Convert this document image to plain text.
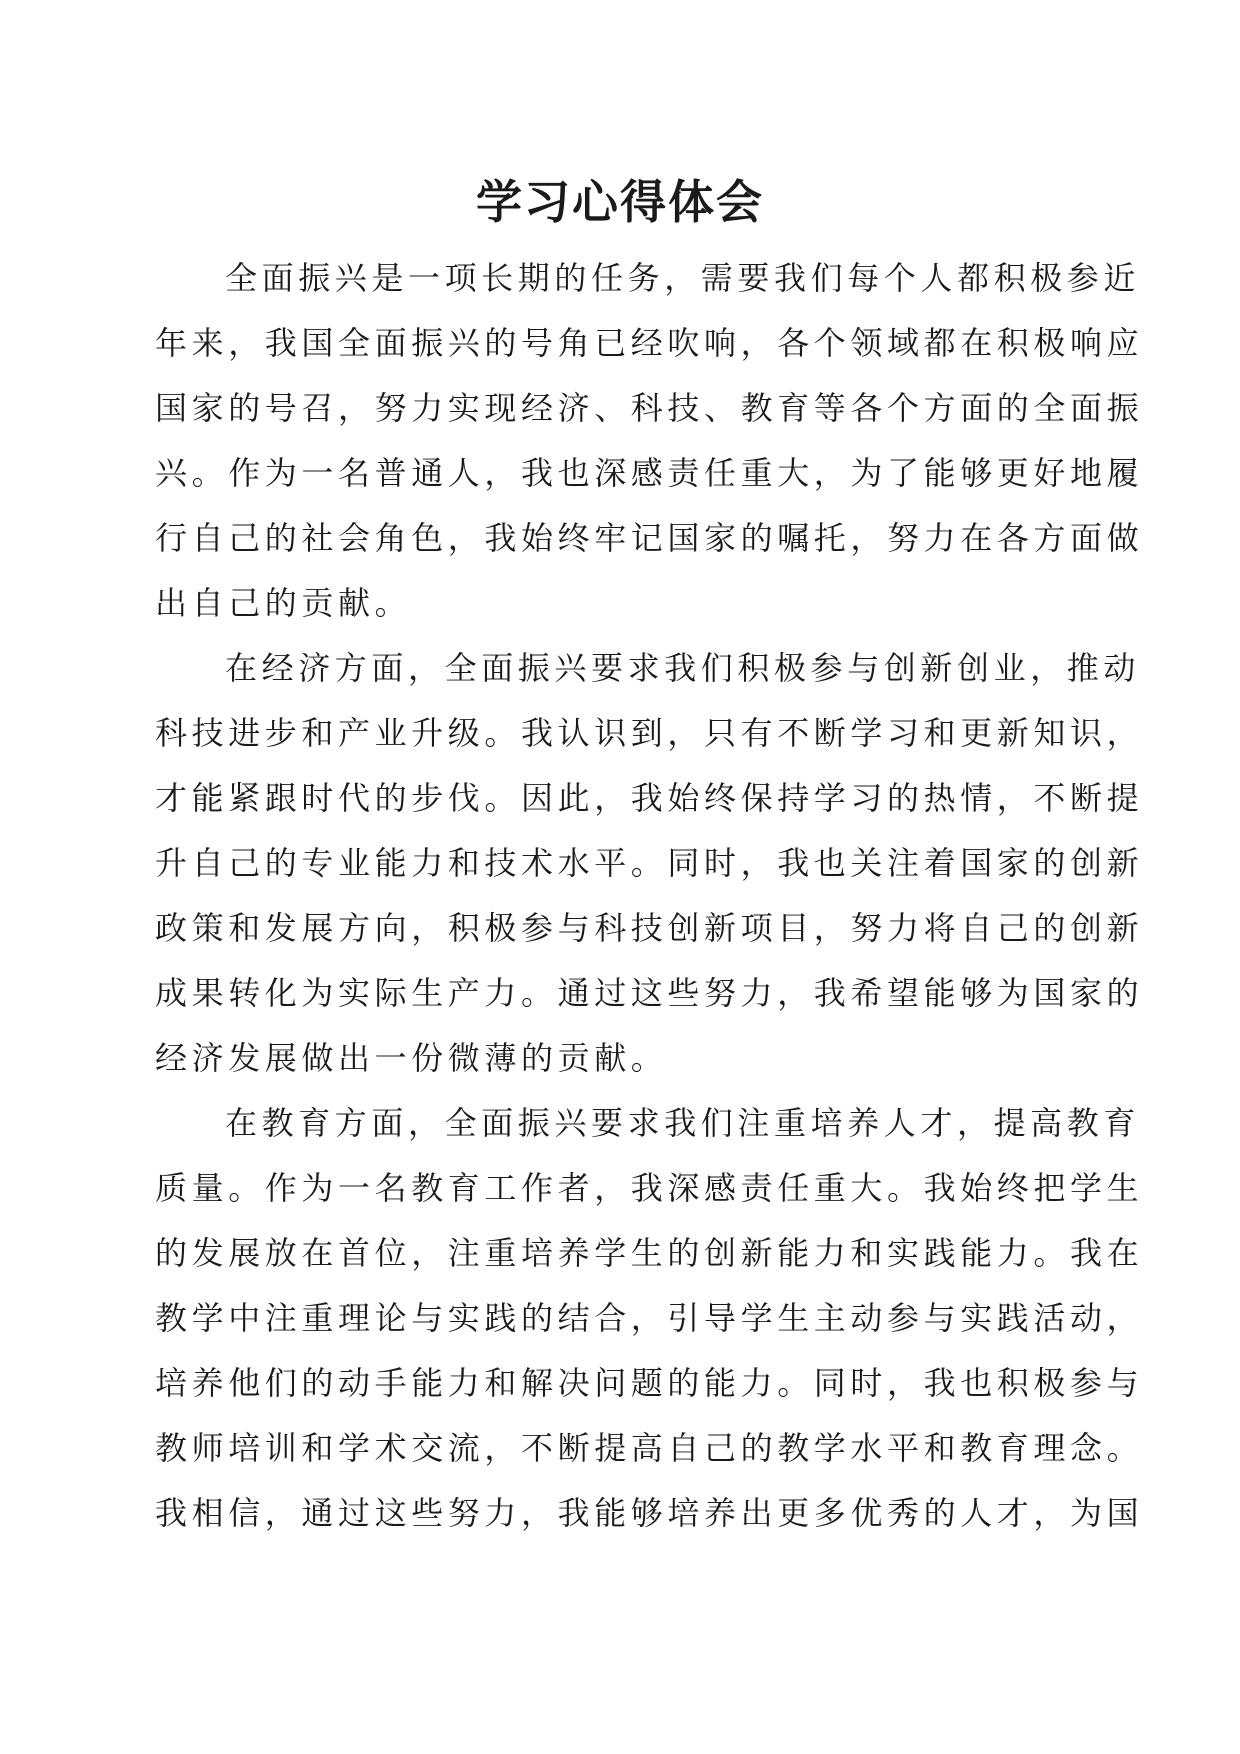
学习心得体会
全面振兴是一项长期的任务，需要我们每个人都积极参近
年来，我国全面振兴的号角已经吹响，各个领域都在积极响应
国家的号召，努力实现经济、科技、教育等各个方面的全面振
兴。作为一名普通人，我也深感责任重大，为了能够更好地履
行自己的社会角色，我始终牢记国家的嘱托，努力在各方面做
出自己的贡献。
在经济方面，全面振兴要求我们积极参与创新创业，推动
科技进步和产业升级。我认识到，只有不断学习和更新知识，
才能紧跟时代的步伐。因此，我始终保持学习的热情，不断提
升自己的专业能力和技术水平。同时，我也关注着国家的创新
政策和发展方向，积极参与科技创新项目，努力将自己的创新
成果转化为实际生产力。通过这些努力，我希望能够为国家的
经济发展做出一份微薄的贡献。
在教育方面，全面振兴要求我们注重培养人才，提高教育
质量。作为一名教育工作者，我深感责任重大。我始终把学生
的发展放在首位，注重培养学生的创新能力和实践能力。我在
教学中注重理论与实践的结合，引导学生主动参与实践活动，
培养他们的动手能力和解决问题的能力。同时，我也积极参与
教师培训和学术交流，不断提高自己的教学水平和教育理念。
我相信，通过这些努力，我能够培养出更多优秀的人才，为国
